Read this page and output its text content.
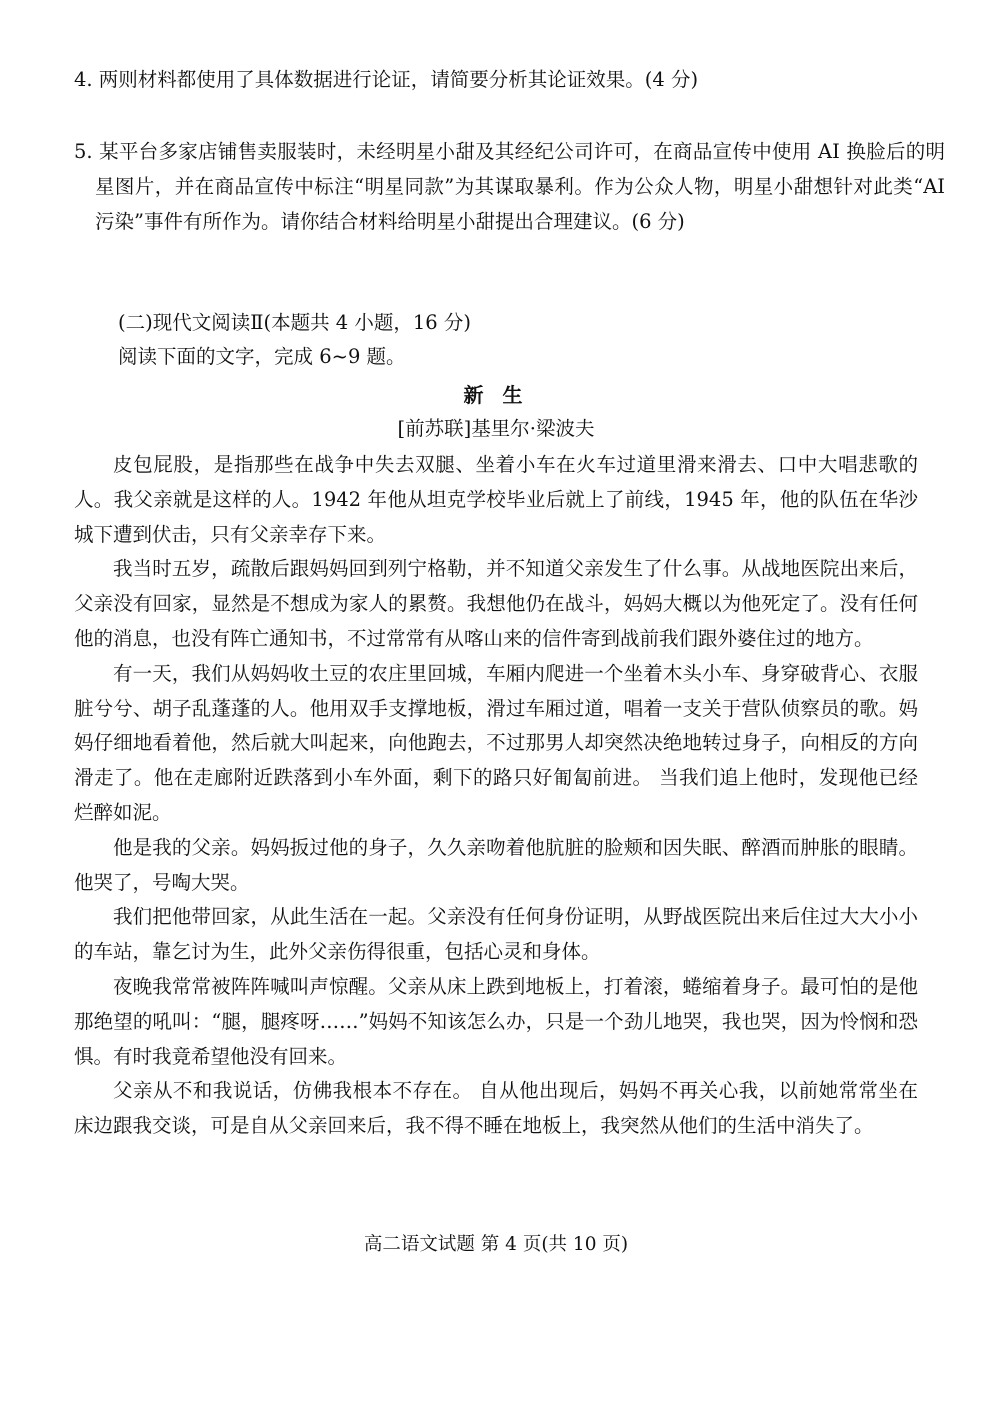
4. 两则材料都使用了具体数据进行论证，请简要分析其论证效果。(4 分)
5. 某平台多家店铺售卖服装时，未经明星小甜及其经纪公司许可，在商品宣传中使用 AI 换脸后的明星图片，并在商品宣传中标注“明星同款”为其谋取暴利。作为公众人物，明星小甜想针对此类“AI 污染”事件有所作为。请你结合材料给明星小甜提出合理建议。(6 分)
(二)现代文阅读Ⅱ(本题共 4 小题，16 分)
阅读下面的文字，完成 6~9 题。
新 生
[前苏联]基里尔·梁波夫

皮包屁股，是指那些在战争中失去双腿、坐着小车在火车过道里滑来滑去、口中大唱悲歌的人。我父亲就是这样的人。1942 年他从坦克学校毕业后就上了前线，1945 年，他的队伍在华沙城下遭到伏击，只有父亲幸存下来。

我当时五岁，疏散后跟妈妈回到列宁格勒，并不知道父亲发生了什么事。从战地医院出来后，父亲没有回家，显然是不想成为家人的累赘。我想他仍在战斗，妈妈大概以为他死定了。没有任何他的消息，也没有阵亡通知书，不过常常有从喀山来的信件寄到战前我们跟外婆住过的地方。

有一天，我们从妈妈收土豆的农庄里回城，车厢内爬进一个坐着木头小车、身穿破背心、衣服脏兮兮、胡子乱蓬蓬的人。他用双手支撑地板，滑过车厢过道，唱着一支关于营队侦察员的歌。妈妈仔细地看着他，然后就大叫起来，向他跑去，不过那男人却突然决绝地转过身子，向相反的方向滑走了。他在走廊附近跌落到小车外面，剩下的路只好匍匐前进。 当我们追上他时，发现他已经烂醉如泥。

他是我的父亲。妈妈扳过他的身子，久久亲吻着他肮脏的脸颊和因失眠、醉酒而肿胀的眼睛。他哭了，号啕大哭。

我们把他带回家，从此生活在一起。父亲没有任何身份证明，从野战医院出来后住过大大小小的车站，靠乞讨为生，此外父亲伤得很重，包括心灵和身体。

夜晚我常常被阵阵喊叫声惊醒。父亲从床上跌到地板上，打着滚，蜷缩着身子。最可怕的是他那绝望的吼叫：“腿，腿疼呀……”妈妈不知该怎么办，只是一个劲儿地哭，我也哭，因为怜悯和恐惧。有时我竟希望他没有回来。

父亲从不和我说话，仿佛我根本不存在。 自从他出现后，妈妈不再关心我，以前她常常坐在床边跟我交谈，可是自从父亲回来后，我不得不睡在地板上，我突然从他们的生活中消失了。

高二语文试题 第 4 页(共 10 页)
